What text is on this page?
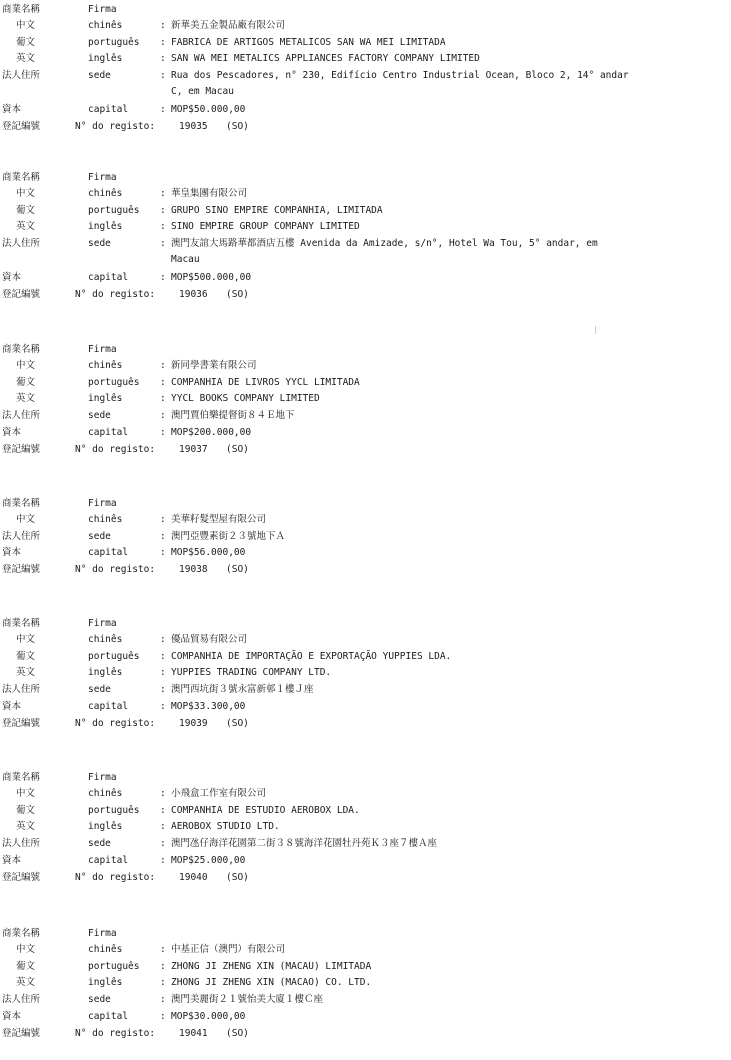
商業名稱	Firma
中文	chinês	: 新華美五金製品廠有限公司
葡文	português : FABRICA DE ARTIGOS METALICOS SAN WA MEI LIMITADA
英文	inglês	: SAN WA MEI METALICS APPLIANCES FACTORY COMPANY LIMITED
法人住所	sede	: Rua dos Pescadores, n° 230, Edifício Centro Industrial Ocean, Bloco 2, 14° andar
C, em Macau
資本	capital	: MOP$50.000,00
登記編號	N° do registo:	19035 (SO)
商業名稱	Firma
中文	chinês	: 華皇集團有限公司
葡文	português : GRUPO SINO EMPIRE COMPANHIA, LIMITADA
英文	inglês	: SINO EMPIRE GROUP COMPANY LIMITED
法人住所	sede	: 澳門友誼大馬路華都酒店五樓 Avenida da Amizade, s/n°, Hotel Wa Tou, 5° andar, em
Macau
資本	capital	: MOP$500.000,00
登記編號	N° do registo:	19036 (SO)
商業名稱	Firma
中文	chinês	: 新同學書業有限公司
葡文	português : COMPANHIA DE LIVROS YYCL LIMITADA
英文	inglês	: YYCL BOOKS COMPANY LIMITED
法人住所	sede	: 澳門賈伯樂提督街８４Ｅ地下
資本	capital	: MOP$200.000,00
登記編號	N° do registo:	19037 (SO)
商業名稱	Firma
中文	chinês	: 美華籽髮型屋有限公司
法人住所	sede	: 澳門亞豐素街２３號地下Ａ
資本	capital	: MOP$56.000,00
登記編號	N° do registo:	19038 (SO)
商業名稱	Firma
中文	chinês	: 優品貿易有限公司
葡文	português : COMPANHIA DE IMPORTAÇÃO E EXPORTAÇÃO YUPPIES LDA.
英文	inglês	: YUPPIES TRADING COMPANY LTD.
法人住所	sede	: 澳門西坑街３號永富新邨１樓Ｊ座
資本	capital	: MOP$33.300,00
登記編號	N° do registo:	19039 (SO)
商業名稱	Firma
中文	chinês	: 小飛盒工作室有限公司
葡文	português : COMPANHIA DE ESTUDIO AEROBOX LDA.
英文	inglês	: AEROBOX STUDIO LTD.
法人住所	sede	: 澳門氹仔海洋花園第二街３８號海洋花園牡丹苑Ｋ３座７樓Ａ座
資本	capital	: MOP$25.000,00
登記編號	N° do registo:	19040 (SO)
商業名稱	Firma
中文	chinês	: 中基正信（澳門）有限公司
葡文	português : ZHONG JI ZHENG XIN (MACAU) LIMITADA
英文	inglês	: ZHONG JI ZHENG XIN (MACAO) CO. LTD.
法人住所	sede	: 澳門美麗街２１號怡美大廈１樓Ｃ座
資本	capital	: MOP$30.000,00
登記編號	N° do registo:	19041 (SO)
